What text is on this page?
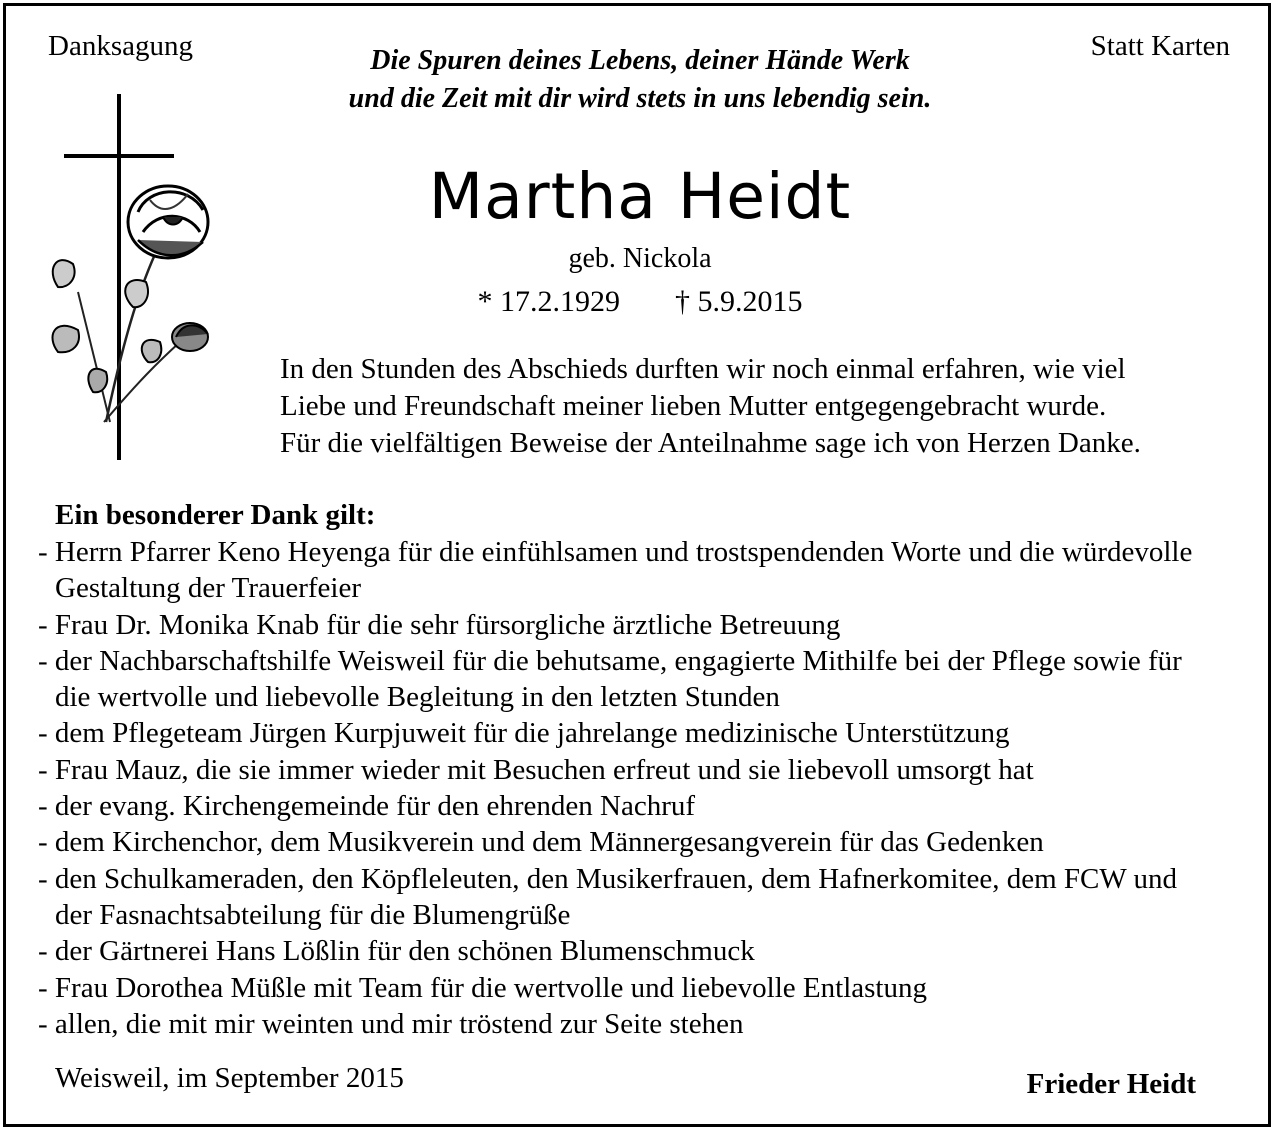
Danksagung	Statt Karten
Die Spuren deines Lebens, deiner Hände Werk
und die Zeit mit dir wird stets in uns lebendig sein.
Martha Heidt
geb. Nickola
* 17.2.1929 † 5.9.2015

In den Stunden des Abschieds durften wir noch einmal erfahren, wie viel

Liebe und Freundschaft meiner lieben Mutter entgegengebracht wurde.

Für die vielfältigen Beweise der Anteilnahme sage ich von Herzen Danke.

Ein besonderer Dank gilt:
- Herrn Pfarrer Keno Heyenga für die einfühlsamen und trostspendenden Worte und die würdevolle Gestaltung der Trauerfeier
- Frau Dr. Monika Knab für die sehr fürsorgliche ärztliche Betreuung
- der Nachbarschaftshilfe Weisweil für die behutsame, engagierte Mithilfe bei der Pflege sowie für die wertvolle und liebevolle Begleitung in den letzten Stunden
- dem Pflegeteam Jürgen Kurpjuweit für die jahrelange medizinische Unterstützung
- Frau Mauz, die sie immer wieder mit Besuchen erfreut und sie liebevoll umsorgt hat
- der evang. Kirchengemeinde für den ehrenden Nachruf
- dem Kirchenchor, dem Musikverein und dem Männergesangverein für das Gedenken
- den Schulkameraden, den Köpfleleuten, den Musikerfrauen, dem Hafnerkomitee, dem FCW und der Fasnachtsabteilung für die Blumengrüße
- der Gärtnerei Hans Lößlin für den schönen Blumenschmuck
- Frau Dorothea Müßle mit Team für die wertvolle und liebevolle Entlastung
- allen, die mit mir weinten und mir tröstend zur Seite stehen
Weisweil, im September 2015	Frieder Heidt
